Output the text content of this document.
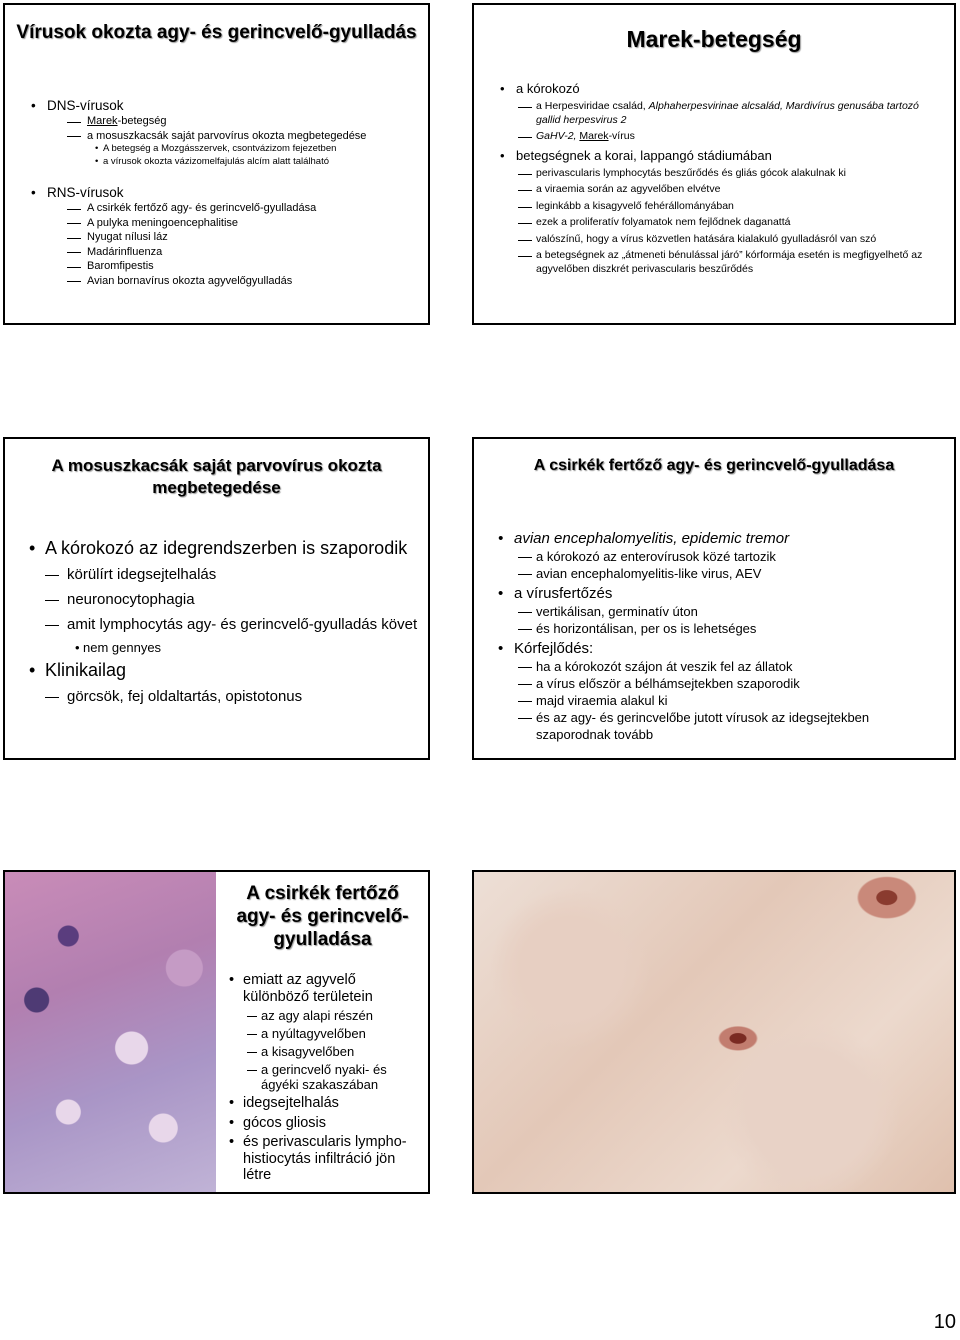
Vírusok okozta agy- és gerincvelő-gyulladás
• DNS-vírusok
Marek-betegség
a mosuszkacsák saját parvovírus okozta megbetegedése
• A betegség a Mozgásszervek, csontvázizom fejezetben
• a vírusok okozta vázizomelfajulás alcím alatt található
• RNS-vírusok
A csirkék fertőző agy- és gerincvelő-gyulladása
A pulyka meningoencephalitise
Nyugat nílusi láz
Madárinfluenza
Baromfipestis
Avian bornavírus okozta agyvelőgyulladás
Marek-betegség
• a kórokozó
a Herpesviridae család, Alphaherpesvirinae alcsalád, Mardivírus genusába tartozó gallid herpesvirus 2
GaHV-2, Marek-vírus
• betegségnek a korai, lappangó stádiumában
perivascularis lymphocytás beszűrődés és gliás gócok alakulnak ki
a viraemia során az agyvelőben elvétve
leginkább a kisagyvelő fehérállományában
ezek a proliferatív folyamatok nem fejlődnek daganattá
valószínű, hogy a vírus közvetlen hatására kialakuló gyulladásról van szó
a betegségnek az „átmeneti bénulással járó” kórformája esetén is megfigyelhető az agyvelőben diszkrét perivascularis beszűrődés
A mosuszkacsák saját parvovírus okozta megbetegedése
• A kórokozó az idegrendszerben is szaporodik
körülírt idegsejtelhalás
neuronocytophagia
amit lymphocytás agy- és gerincvelő-gyulladás követ
• nem gennyes
• Klinikailag
görcsök, fej oldaltartás, opistotonus
A csirkék fertőző agy- és gerincvelő-gyulladása
• avian encephalomyelitis, epidemic tremor
a kórokozó az enterovírusok közé tartozik
avian encephalomyelitis-like virus, AEV
• a vírusfertőzés
vertikálisan, germinatív úton
és horizontálisan, per os is lehetséges
• Kórfejlődés:
ha a kórokozót szájon át veszik fel az állatok
a vírus először a bélhámsejtekben szaporodik
majd viraemia alakul ki
és az agy- és gerincvelőbe jutott vírusok az idegsejtekben szaporodnak tovább
A csirkék fertőző agy- és gerincvelő-gyulladása
• emiatt az agyvelő különböző területein
az agy alapi részén
a nyúltagyvelőben
a kisagyvelőben
a gerincvelő nyaki- és ágyéki szakaszában
• idegsejtelhalás
• gócos gliosis
• és perivascularis lympho-histiocytás infiltráció jön létre
10
